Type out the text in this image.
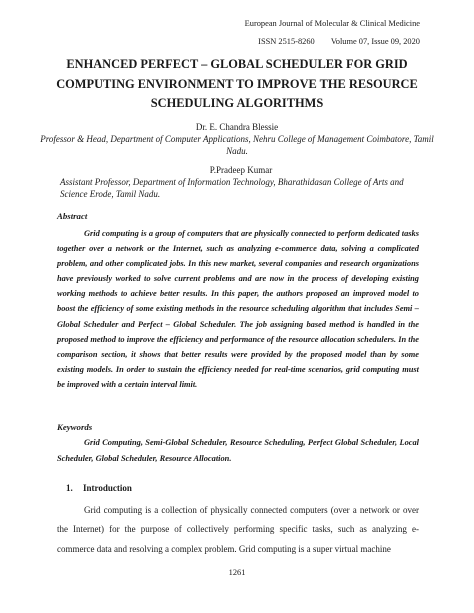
European Journal of Molecular & Clinical Medicine
ISSN 2515-8260 Volume 07, Issue 09, 2020
ENHANCED PERFECT – GLOBAL SCHEDULER FOR GRID COMPUTING ENVIRONMENT TO IMPROVE THE RESOURCE SCHEDULING ALGORITHMS
Dr. E. Chandra Blessie
Professor & Head, Department of Computer Applications, Nehru College of Management Coimbatore, Tamil Nadu.
P.Pradeep Kumar
Assistant Professor, Department of Information Technology, Bharathidasan College of Arts and Science Erode, Tamil Nadu.
Abstract

Grid computing is a group of computers that are physically connected to perform dedicated tasks together over a network or the Internet, such as analyzing e-commerce data, solving a complicated problem, and other complicated jobs. In this new market, several companies and research organizations have previously worked to solve current problems and are now in the process of developing existing working methods to achieve better results. In this paper, the authors proposed an improved model to boost the efficiency of some existing methods in the resource scheduling algorithm that includes Semi – Global Scheduler and Perfect – Global Scheduler. The job assigning based method is handled in the proposed method to improve the efficiency and performance of the resource allocation schedulers. In the comparison section, it shows that better results were provided by the proposed model than by some existing models. In order to sustain the efficiency needed for real-time scenarios, grid computing must be improved with a certain interval limit.

Keywords

Grid Computing, Semi-Global Scheduler, Resource Scheduling, Perfect Global Scheduler, Local Scheduler, Global Scheduler, Resource Allocation.

1. Introduction

Grid computing is a collection of physically connected computers (over a network or over the Internet) for the purpose of collectively performing specific tasks, such as analyzing e-commerce data and resolving a complex problem. Grid computing is a super virtual machine

1261
